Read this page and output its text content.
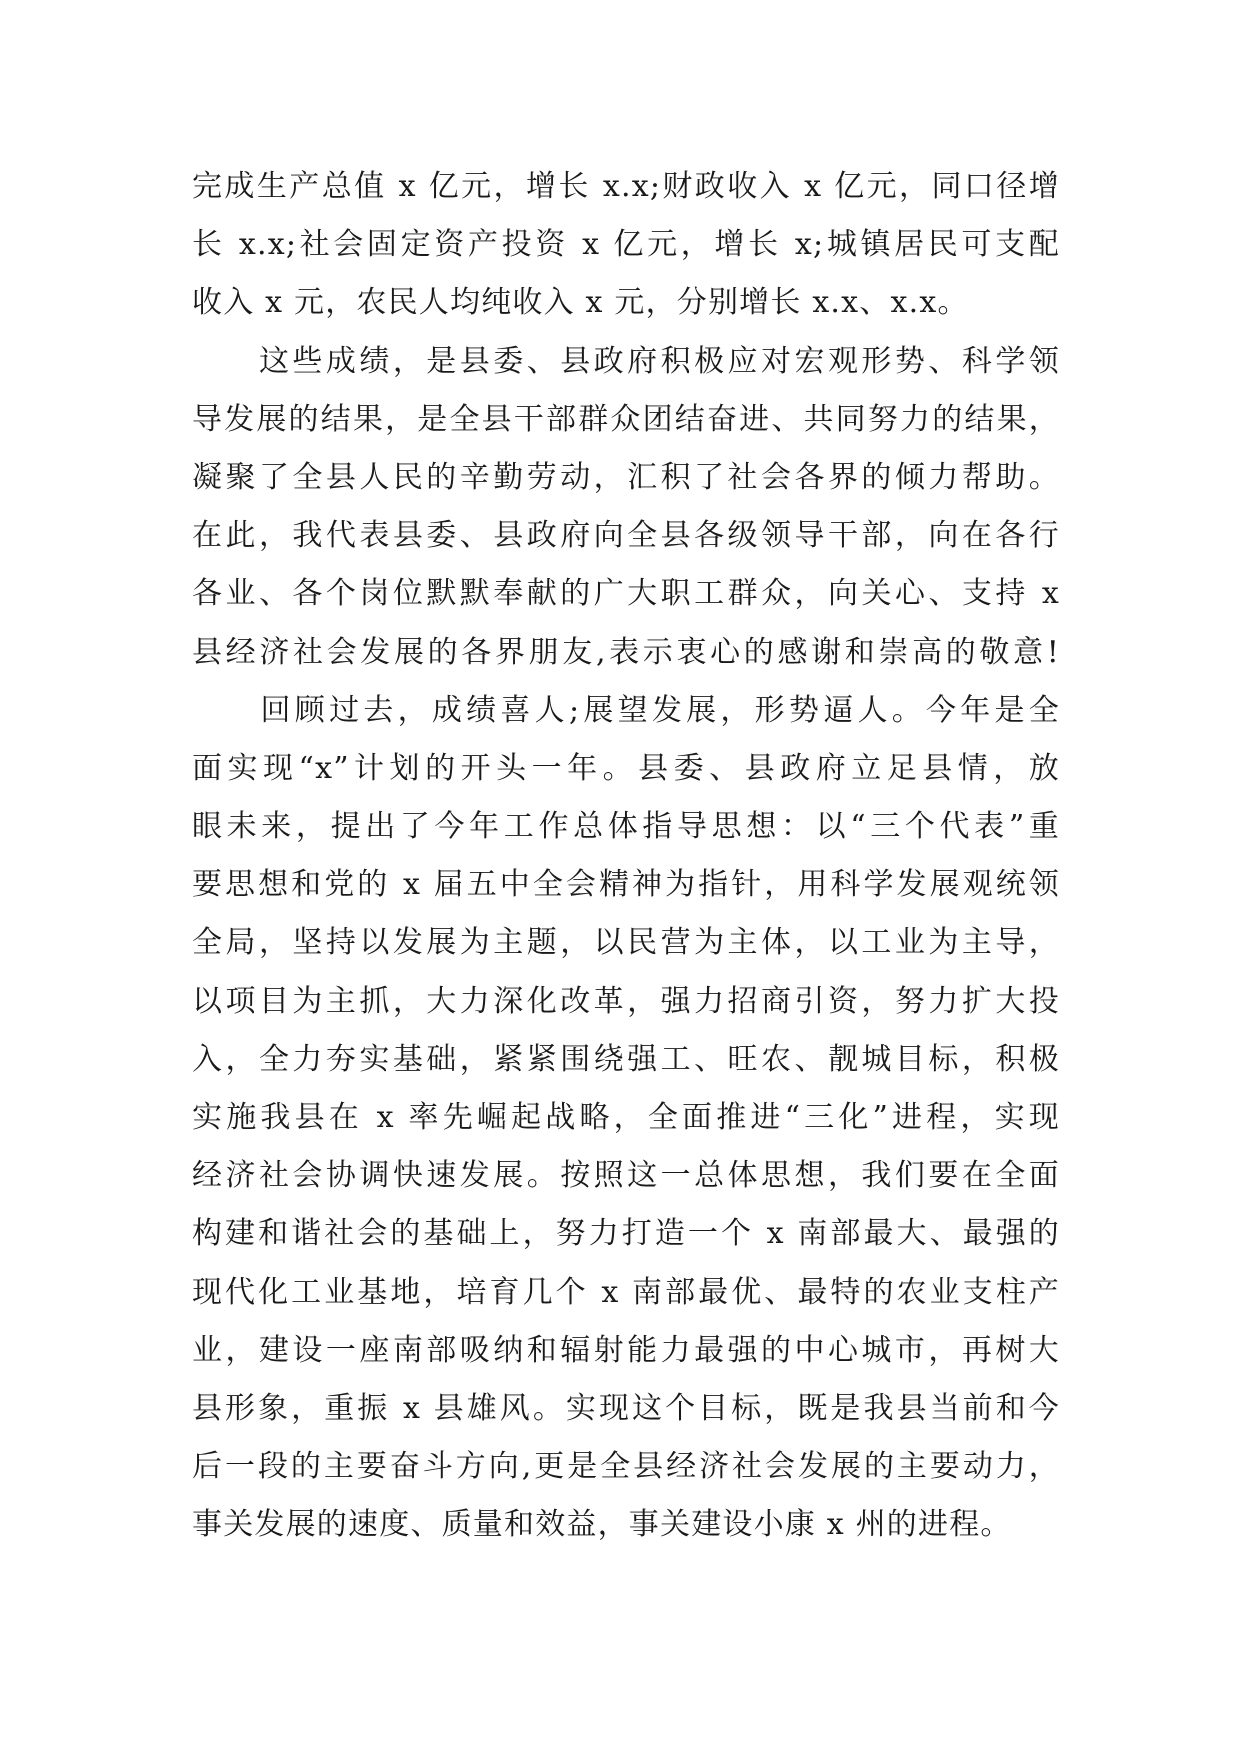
完成生产总值 x 亿元，增长 x.x;财政收入 x 亿元，同口径增
长 x.x;社会固定资产投资 x 亿元，增长 x;城镇居民可支配
收入 x 元，农民人均纯收入 x 元，分别增长 x.x、x.x。
　　这些成绩，是县委、县政府积极应对宏观形势、科学领
导发展的结果，是全县干部群众团结奋进、共同努力的结果，
凝聚了全县人民的辛勤劳动，汇积了社会各界的倾力帮助。
在此，我代表县委、县政府向全县各级领导干部，向在各行
各业、各个岗位默默奉献的广大职工群众，向关心、支持 x
县经济社会发展的各界朋友,表示衷心的感谢和崇高的敬意!
　　回顾过去，成绩喜人;展望发展，形势逼人。今年是全
面实现“x”计划的开头一年。县委、县政府立足县情，放
眼未来，提出了今年工作总体指导思想：以“三个代表”重
要思想和党的 x 届五中全会精神为指针，用科学发展观统领
全局，坚持以发展为主题，以民营为主体，以工业为主导，
以项目为主抓，大力深化改革，强力招商引资，努力扩大投
入，全力夯实基础，紧紧围绕强工、旺农、靓城目标，积极
实施我县在 x 率先崛起战略，全面推进“三化”进程，实现
经济社会协调快速发展。按照这一总体思想，我们要在全面
构建和谐社会的基础上，努力打造一个 x 南部最大、最强的
现代化工业基地，培育几个 x 南部最优、最特的农业支柱产
业，建设一座南部吸纳和辐射能力最强的中心城市，再树大
县形象，重振 x 县雄风。实现这个目标，既是我县当前和今
后一段的主要奋斗方向,更是全县经济社会发展的主要动力，
事关发展的速度、质量和效益，事关建设小康 x 州的进程。
